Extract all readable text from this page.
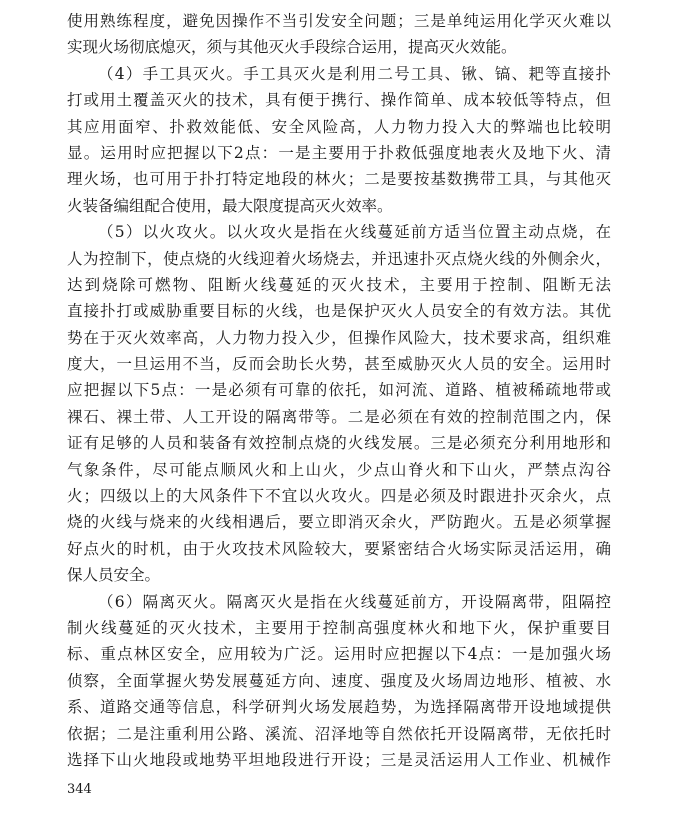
使用熟练程度，避免因操作不当引发安全问题；三是单纯运用化学灭火难以
实现火场彻底熄灭，须与其他灭火手段综合运用，提高灭火效能。
（4）手工具灭火。手工具灭火是利用二号工具、锹、镐、耙等直接扑
打或用土覆盖灭火的技术，具有便于携行、操作简单、成本较低等特点，但
其应用面窄、扑救效能低、安全风险高，人力物力投入大的弊端也比较明
显。运用时应把握以下2点：一是主要用于扑救低强度地表火及地下火、清
理火场，也可用于扑打特定地段的林火；二是要按基数携带工具，与其他灭
火装备编组配合使用，最大限度提高灭火效率。
（5）以火攻火。以火攻火是指在火线蔓延前方适当位置主动点烧，在
人为控制下，使点烧的火线迎着火场烧去，并迅速扑灭点烧火线的外侧余火，
达到烧除可燃物、阻断火线蔓延的灭火技术，主要用于控制、阻断无法
直接扑打或威胁重要目标的火线，也是保护灭火人员安全的有效方法。其优
势在于灭火效率高，人力物力投入少，但操作风险大，技术要求高，组织难
度大，一旦运用不当，反而会助长火势，甚至威胁灭火人员的安全。运用时
应把握以下5点：一是必须有可靠的依托，如河流、道路、植被稀疏地带或
裸石、裸土带、人工开设的隔离带等。二是必须在有效的控制范围之内，保
证有足够的人员和装备有效控制点烧的火线发展。三是必须充分利用地形和
气象条件，尽可能点顺风火和上山火，少点山脊火和下山火，严禁点沟谷
火；四级以上的大风条件下不宜以火攻火。四是必须及时跟进扑灭余火，点
烧的火线与烧来的火线相遇后，要立即消灭余火，严防跑火。五是必须掌握
好点火的时机，由于火攻技术风险较大，要紧密结合火场实际灵活运用，确
保人员安全。
（6）隔离灭火。隔离灭火是指在火线蔓延前方，开设隔离带，阻隔控
制火线蔓延的灭火技术，主要用于控制高强度林火和地下火，保护重要目
标、重点林区安全，应用较为广泛。运用时应把握以下4点：一是加强火场
侦察，全面掌握火势发展蔓延方向、速度、强度及火场周边地形、植被、水
系、道路交通等信息，科学研判火场发展趋势，为选择隔离带开设地域提供
依据；二是注重利用公路、溪流、沼泽地等自然依托开设隔离带，无依托时
选择下山火地段或地势平坦地段进行开设；三是灵活运用人工作业、机械作
344
